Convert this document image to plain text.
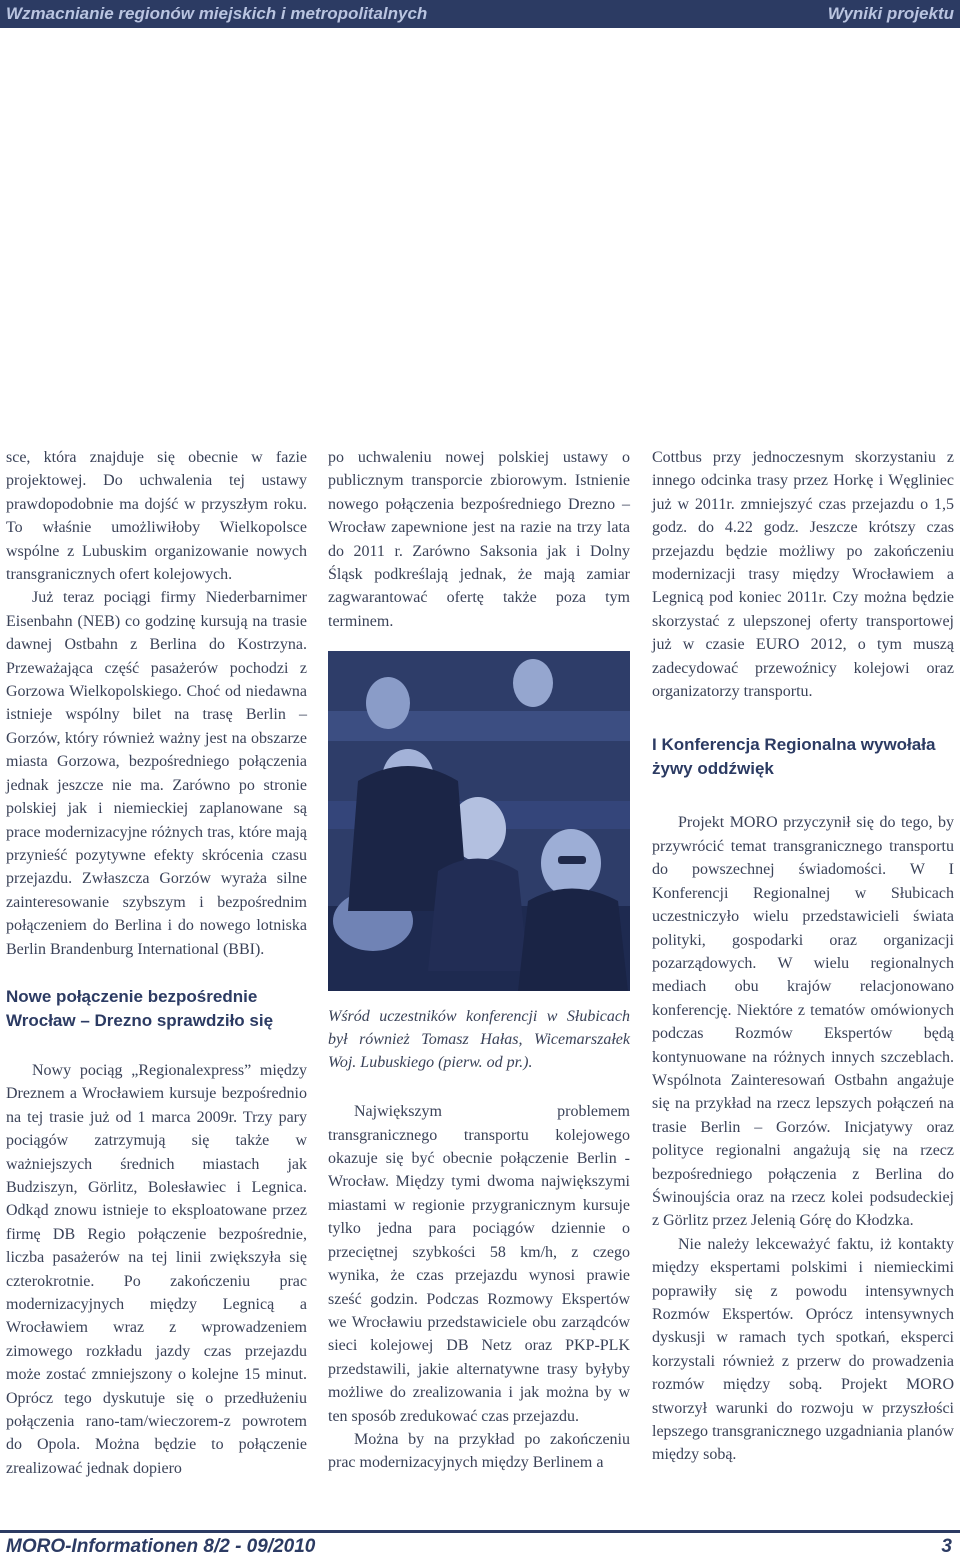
Wzmacnianie regionów miejskich i metropolitalnych	Wyniki projektu

sce, która znajduje się obecnie w fazie projektowej. Do uchwalenia tej ustawy prawdopodobnie ma dojść w przyszłym roku. To właśnie umożliwiłoby Wielkopolsce wspólne z Lubuskim organizowanie nowych transgranicznych ofert kolejowych.

Już teraz pociągi firmy Niederbarnimer Eisenbahn (NEB) co godzinę kursują na trasie dawnej Ostbahn z Berlina do Kostrzyna. Przeważająca część pasażerów pochodzi z Gorzowa Wielkopolskiego. Choć od niedawna istnieje wspólny bilet na trasę Berlin – Gorzów, który również ważny jest na obszarze miasta Gorzowa, bezpośredniego połączenia jednak jeszcze nie ma. Zarówno po stronie polskiej jak i niemieckiej zaplanowane są prace modernizacyjne różnych tras, które mają przynieść pozytywne efekty skrócenia czasu przejazdu. Zwłaszcza Gorzów wyraża silne zainteresowanie szybszym i bezpośrednim połączeniem do Berlina i do nowego lotniska Berlin Brandenburg International (BBI).

Nowe połączenie bezpośrednie Wrocław – Drezno sprawdziło się

Nowy pociąg „Regionalexpress” między Dreznem a Wrocławiem kursuje bezpośrednio na tej trasie już od 1 marca 2009r. Trzy pary pociągów zatrzymują się także w ważniejszych średnich miastach jak Budziszyn, Görlitz, Bolesławiec i Legnica. Odkąd znowu istnieje to eksploatowane przez firmę DB Regio połączenie bezpośrednie, liczba pasażerów na tej linii zwiększyła się czterokrotnie. Po zakończeniu prac modernizacyjnych między Legnicą a Wrocławiem wraz z wprowadzeniem zimowego rozkładu jazdy czas przejazdu może zostać zmniejszony o kolejne 15 minut. Oprócz tego dyskutuje się o przedłużeniu połączenia rano-tam/wieczorem-z powrotem do Opola. Można będzie to połączenie zrealizować jednak dopiero

po uchwaleniu nowej polskiej ustawy o publicznym transporcie zbiorowym. Istnienie nowego połączenia bezpośredniego Drezno – Wrocław zapewnione jest na razie na trzy lata do 2011 r. Zarówno Saksonia jak i Dolny Śląsk podkreślają jednak, że mają zamiar zagwarantować ofertę także poza tym terminem.

Wśród uczestników konferencji w Słubicach był również Tomasz Hałas, Wicemarszałek Woj. Lubuskiego (pierw. od pr.).

Największym problemem transgranicznego transportu kolejowego okazuje się być obecnie połączenie Berlin - Wrocław. Między tymi dwoma największymi miastami w regionie przygranicznym kursuje tylko jedna para pociągów dziennie o przeciętnej szybkości 58 km/h, z czego wynika, że czas przejazdu wynosi prawie sześć godzin. Podczas Rozmowy Ekspertów we Wrocławiu przedstawiciele obu zarządców sieci kolejowej DB Netz oraz PKP-PLK przedstawili, jakie alternatywne trasy byłyby możliwe do zrealizowania i jak można by w ten sposób zredukować czas przejazdu.

Można by na przykład po zakończeniu prac modernizacyjnych między Berlinem a

Cottbus przy jednoczesnym skorzystaniu z innego odcinka trasy przez Horkę i Węgliniec już w 2011r. zmniejszyć czas przejazdu o 1,5 godz. do 4.22 godz. Jeszcze krótszy czas przejazdu będzie możliwy po zakończeniu modernizacji trasy między Wrocławiem a Legnicą pod koniec 2011r. Czy można będzie skorzystać z ulepszonej oferty transportowej już w czasie EURO 2012, o tym muszą zadecydować przewoźnicy kolejowi oraz organizatorzy transportu.

I Konferencja Regionalna wywołała żywy oddźwięk

Projekt MORO przyczynił się do tego, by przywrócić temat transgranicznego transportu do powszechnej świadomości. W I Konferencji Regionalnej w Słubicach uczestniczyło wielu przedstawicieli świata polityki, gospodarki oraz organizacji pozarządowych. W wielu regionalnych mediach obu krajów relacjonowano konferencję. Niektóre z tematów omówionych podczas Rozmów Ekspertów będą kontynuowane na różnych innych szczeblach. Wspólnota Zainteresowań Ostbahn angażuje się na przykład na rzecz lepszych połączeń na trasie Berlin – Gorzów. Inicjatywy oraz polityce regionalni angażują się na rzecz bezpośredniego połączenia z Berlina do Świnoujścia oraz na rzecz kolei podsudeckiej z Görlitz przez Jelenią Górę do Kłodzka.

Nie należy lekceważyć faktu, iż kontakty między ekspertami polskimi i niemieckimi poprawiły się z powodu intensywnych Rozmów Ekspertów. Oprócz intensywnych dyskusji w ramach tych spotkań, eksperci korzystali również z przerw do prowadzenia rozmów między sobą. Projekt MORO stworzył warunki do rozwoju w przyszłości lepszego transgranicznego uzgadniania planów między sobą.

MORO-Informationen 8/2 - 09/2010	3
